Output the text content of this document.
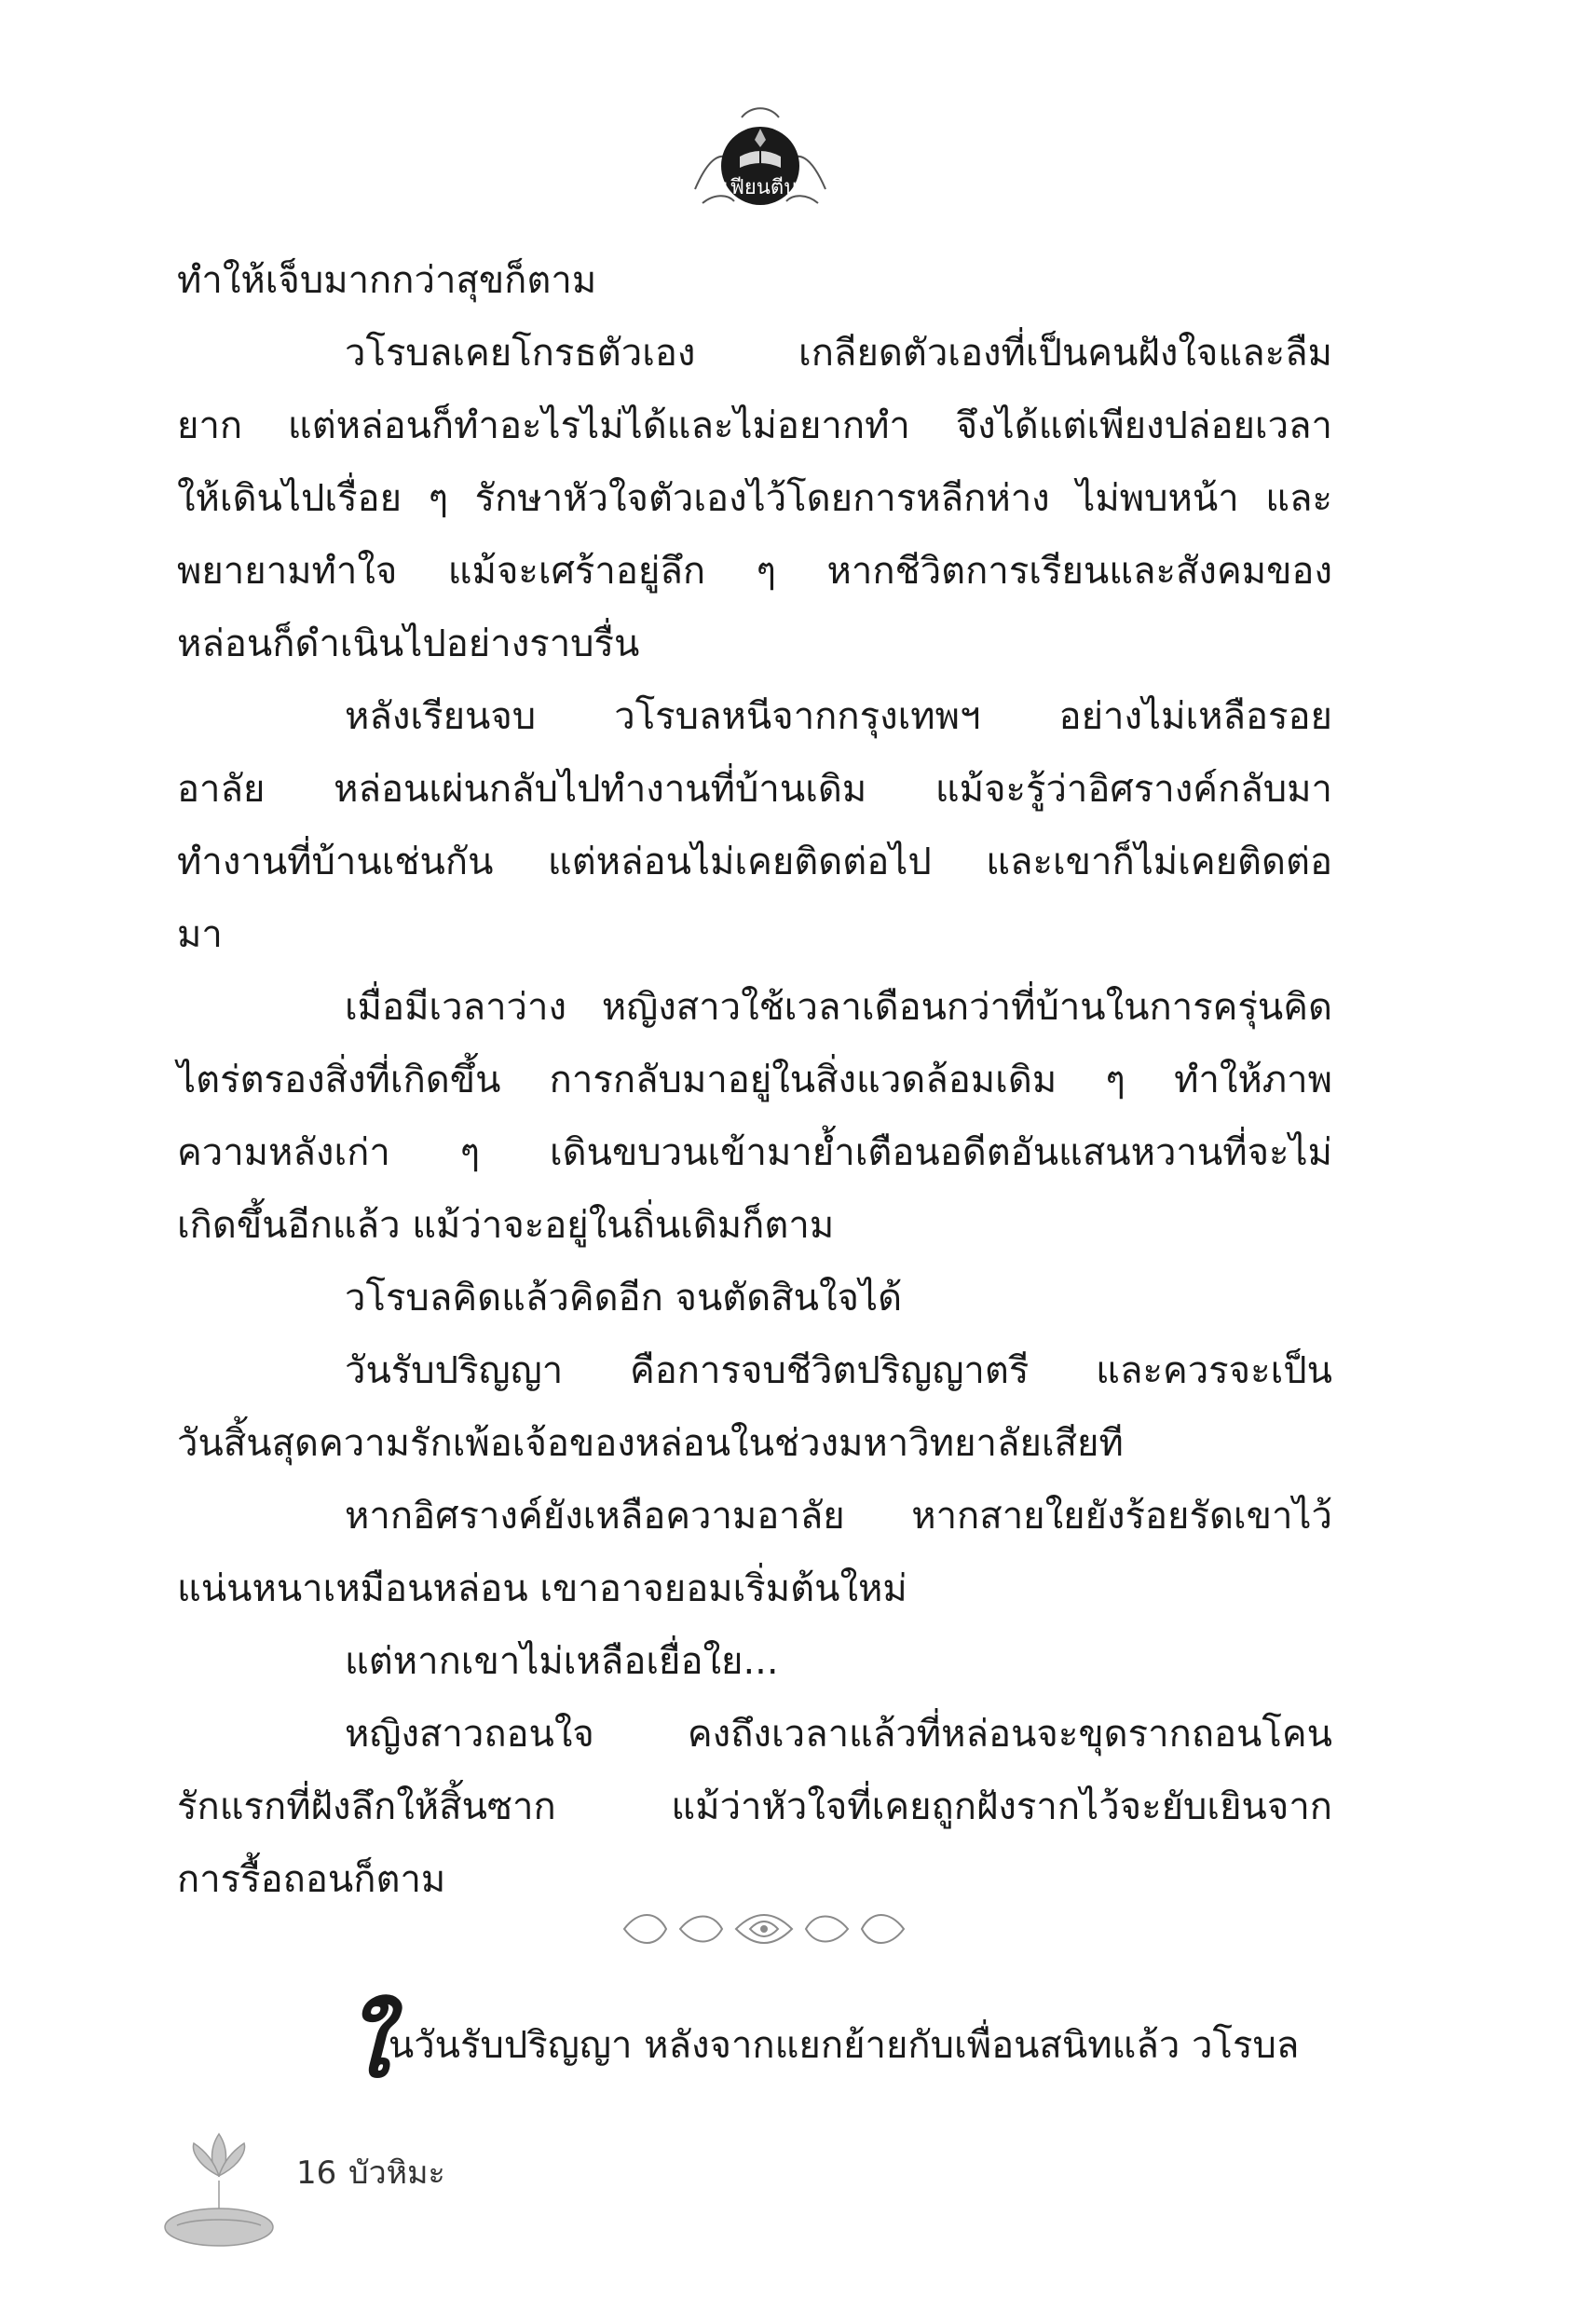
เฟียนตีน
ทำให้เจ็บมากกว่าสุขก็ตาม
วโรบลเคยโกรธตัวเอง เกลียดตัวเองที่เป็นคนฝังใจและลืม
ยาก แต่หล่อนก็ทำอะไรไม่ได้และไม่อยากทำ จึงได้แต่เพียงปล่อยเวลา
ให้เดินไปเรื่อย ๆ รักษาหัวใจตัวเองไว้โดยการหลีกห่าง ไม่พบหน้า และ
พยายามทำใจ แม้จะเศร้าอยู่ลึก ๆ หากชีวิตการเรียนและสังคมของ
หล่อนก็ดำเนินไปอย่างราบรื่น
หลังเรียนจบ วโรบลหนีจากกรุงเทพฯ อย่างไม่เหลือรอย
อาลัย หล่อนเผ่นกลับไปทำงานที่บ้านเดิม แม้จะรู้ว่าอิศรางค์กลับมา
ทำงานที่บ้านเช่นกัน แต่หล่อนไม่เคยติดต่อไป และเขาก็ไม่เคยติดต่อ
มา
เมื่อมีเวลาว่าง หญิงสาวใช้เวลาเดือนกว่าที่บ้านในการครุ่นคิด
ไตร่ตรองสิ่งที่เกิดขึ้น การกลับมาอยู่ในสิ่งแวดล้อมเดิม ๆ ทำให้ภาพ
ความหลังเก่า ๆ เดินขบวนเข้ามาย้ำเตือนอดีตอันแสนหวานที่จะไม่
เกิดขึ้นอีกแล้ว แม้ว่าจะอยู่ในถิ่นเดิมก็ตาม
วโรบลคิดแล้วคิดอีก จนตัดสินใจได้
วันรับปริญญา คือการจบชีวิตปริญญาตรี และควรจะเป็น
วันสิ้นสุดความรักเพ้อเจ้อของหล่อนในช่วงมหาวิทยาลัยเสียที
หากอิศรางค์ยังเหลือความอาลัย หากสายใยยังร้อยรัดเขาไว้
แน่นหนาเหมือนหล่อน เขาอาจยอมเริ่มต้นใหม่
แต่หากเขาไม่เหลือเยื่อใย...
หญิงสาวถอนใจ คงถึงเวลาแล้วที่หล่อนจะขุดรากถอนโคน
รักแรกที่ฝังลึกให้สิ้นซาก แม้ว่าหัวใจที่เคยถูกฝังรากไว้จะยับเยินจาก
การรื้อถอนก็ตาม
ในวันรับปริญญา หลังจากแยกย้ายกับเพื่อนสนิทแล้ว วโรบล
16 บัวหิมะ
